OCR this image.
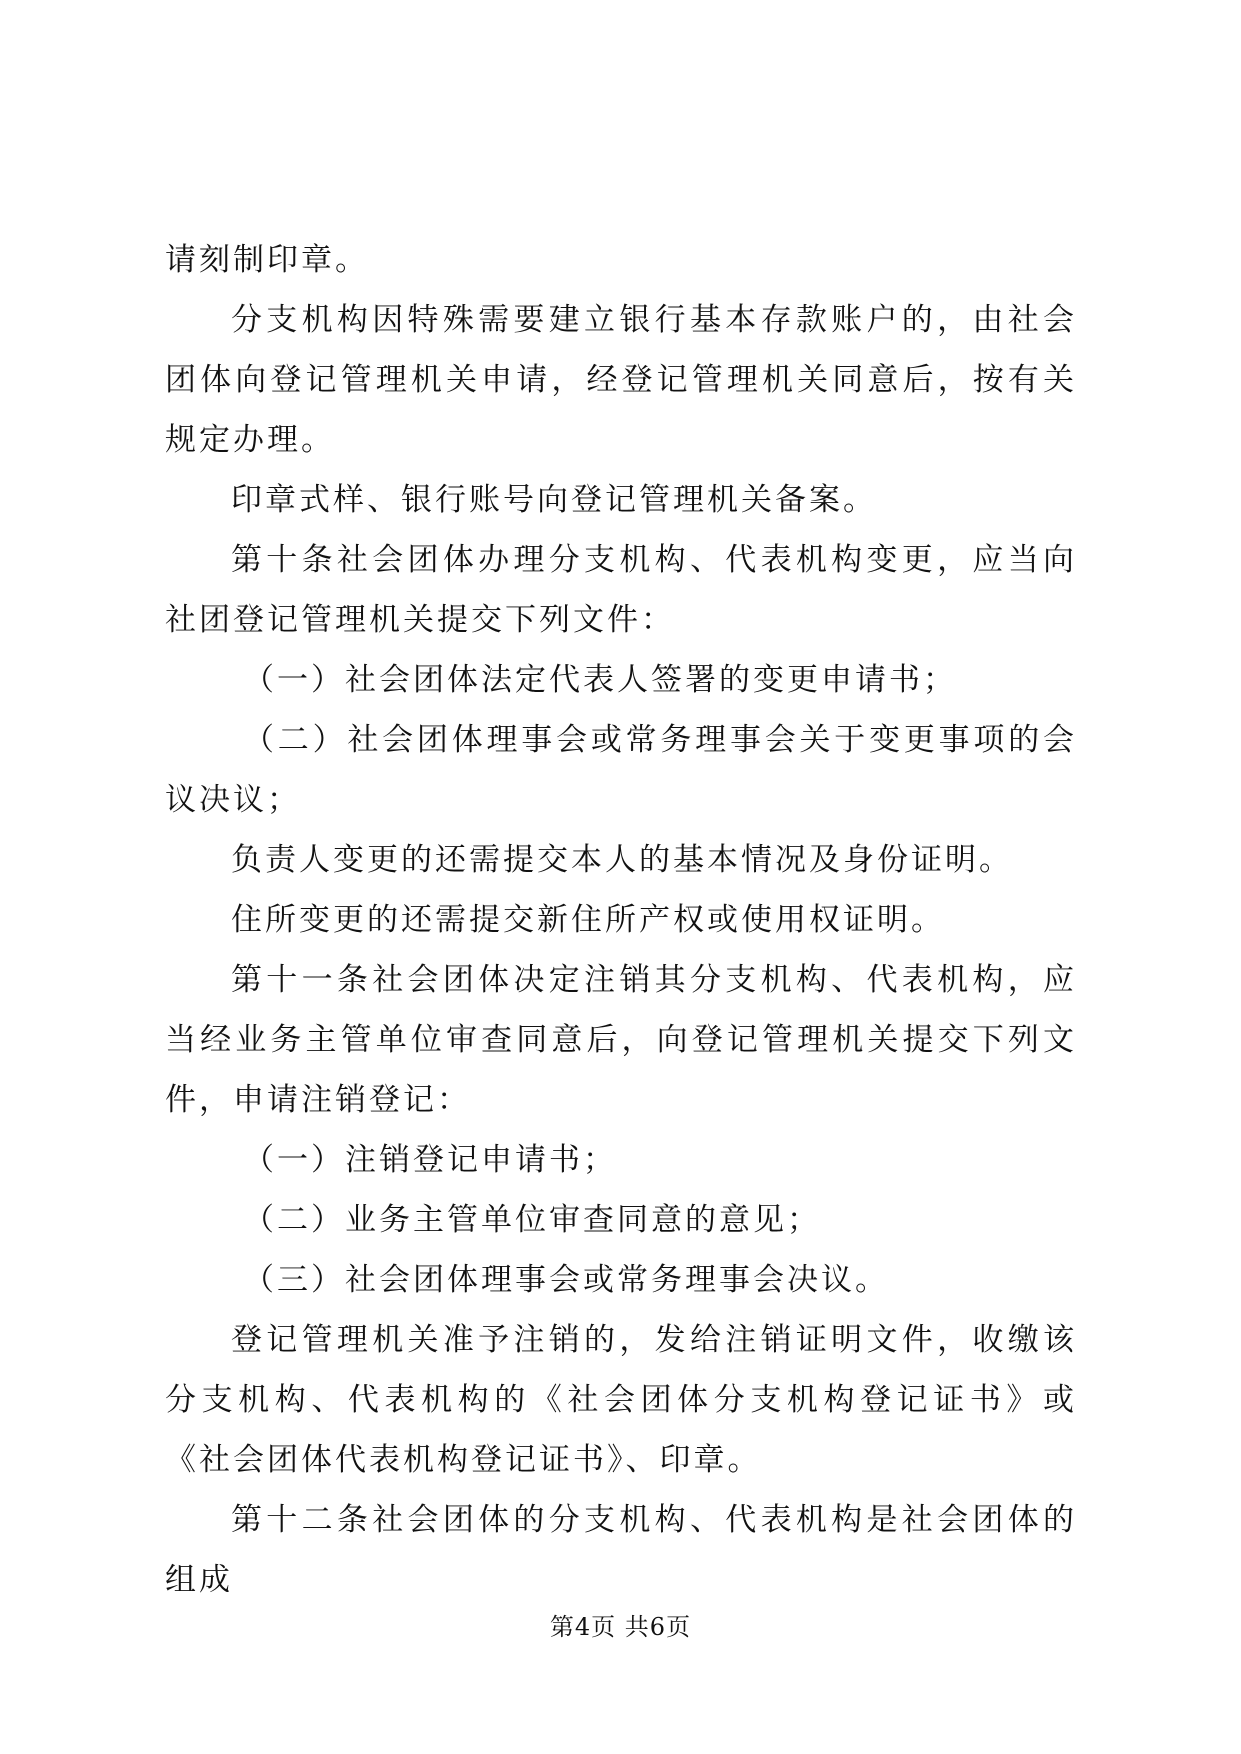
请刻制印章。

分支机构因特殊需要建立银行基本存款账户的，由社会团体向登记管理机关申请，经登记管理机关同意后，按有关规定办理。

印章式样、银行账号向登记管理机关备案。

第十条社会团体办理分支机构、代表机构变更，应当向社团登记管理机关提交下列文件：

（一）社会团体法定代表人签署的变更申请书；

（二）社会团体理事会或常务理事会关于变更事项的会议决议；

负责人变更的还需提交本人的基本情况及身份证明。

住所变更的还需提交新住所产权或使用权证明。

第十一条社会团体决定注销其分支机构、代表机构，应当经业务主管单位审查同意后，向登记管理机关提交下列文件，申请注销登记：

（一）注销登记申请书；

（二）业务主管单位审查同意的意见；

（三）社会团体理事会或常务理事会决议。

登记管理机关准予注销的，发给注销证明文件，收缴该分支机构、代表机构的《社会团体分支机构登记证书》或《社会团体代表机构登记证书》、印章。

第十二条社会团体的分支机构、代表机构是社会团体的组成

第4页 共6页
